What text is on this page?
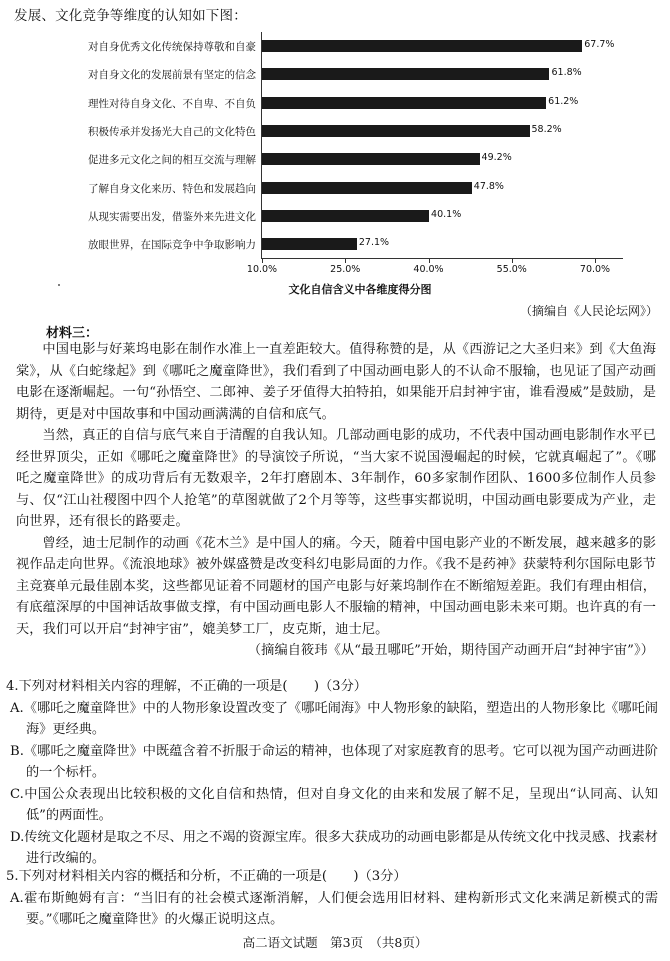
发展、文化竞争等维度的认知如下图：
文化自信含义中各维度得分图
对自身优秀文化传统保持尊敬和自豪	67.7%
对自身文化的发展前景有坚定的信念	61.8%
理性对待自身文化、不自卑、不自负	61.2%
积极传承并发扬光大自己的文化特色	58.2%
促进多元文化之间的相互交流与理解	49.2%
了解自身文化来历、特色和发展趋向	47.8%
从现实需要出发，借鉴外来先进文化	40.1%
放眼世界，在国际竞争中争取影响力	27.1%
10.0%	25.0%	40.0%	55.0%	70.0%
（摘编自《人民论坛网》）
材料三：

中国电影与好莱坞电影在制作水准上一直差距较大。值得称赞的是，从《西游记之大圣归来》到《大鱼海棠》，从《白蛇缘起》到《哪吒之魔童降世》，我们看到了中国动画电影人的不认命不服输，也见证了国产动画电影在逐渐崛起。一句“孙悟空、二郎神、姜子牙值得大拍特拍，如果能开启封神宇宙，谁看漫威”是鼓励，是期待，更是对中国故事和中国动画满满的自信和底气。

当然，真正的自信与底气来自于清醒的自我认知。几部动画电影的成功，不代表中国动画电影制作水平已经世界顶尖，正如《哪吒之魔童降世》的导演饺子所说，“当大家不说国漫崛起的时候，它就真崛起了”。《哪吒之魔童降世》的成功背后有无数艰辛，2年打磨剧本、3年制作，60多家制作团队、1600多位制作人员参与、仅“江山社稷图中四个人抢笔”的草图就做了2个月等等，这些事实都说明，中国动画电影要成为产业，走向世界，还有很长的路要走。

曾经，迪士尼制作的动画《花木兰》是中国人的痛。今天，随着中国电影产业的不断发展，越来越多的影视作品走向世界。《流浪地球》被外媒盛赞是改变科幻电影局面的力作。《我不是药神》获蒙特利尔国际电影节主竞赛单元最佳剧本奖，这些都见证着不同题材的国产电影与好莱坞制作在不断缩短差距。我们有理由相信，有底蕴深厚的中国神话故事做支撑，有中国动画电影人不服输的精神，中国动画电影未来可期。也许真的有一天，我们可以开启“封神宇宙”，媲美梦工厂，皮克斯，迪士尼。

（摘编自筱玮《从“最丑哪吒”开始，期待国产动画开启“封神宇宙”》）

4.下列对材料相关内容的理解，不正确的一项是(　　)（3分）

A.《哪吒之魔童降世》中的人物形象设置改变了《哪吒闹海》中人物形象的缺陷，塑造出的人物形象比《哪吒闹海》更经典。

B.《哪吒之魔童降世》中既蕴含着不折服于命运的精神，也体现了对家庭教育的思考。它可以视为国产动画进阶的一个标杆。

C.中国公众表现出比较积极的文化自信和热情，但对自身文化的由来和发展了解不足，呈现出“认同高、认知低”的两面性。

D.传统文化题材是取之不尽、用之不竭的资源宝库。很多大获成功的动画电影都是从传统文化中找灵感、找素材进行改编的。

5.下列对材料相关内容的概括和分析，不正确的一项是(　　)（3分）

A.霍布斯鲍姆有言：“当旧有的社会模式逐渐消解，人们便会选用旧材料、建构新形式文化来满足新模式的需要。”《哪吒之魔童降世》的火爆正说明这点。

高二语文试题　第3页　（共8页）
